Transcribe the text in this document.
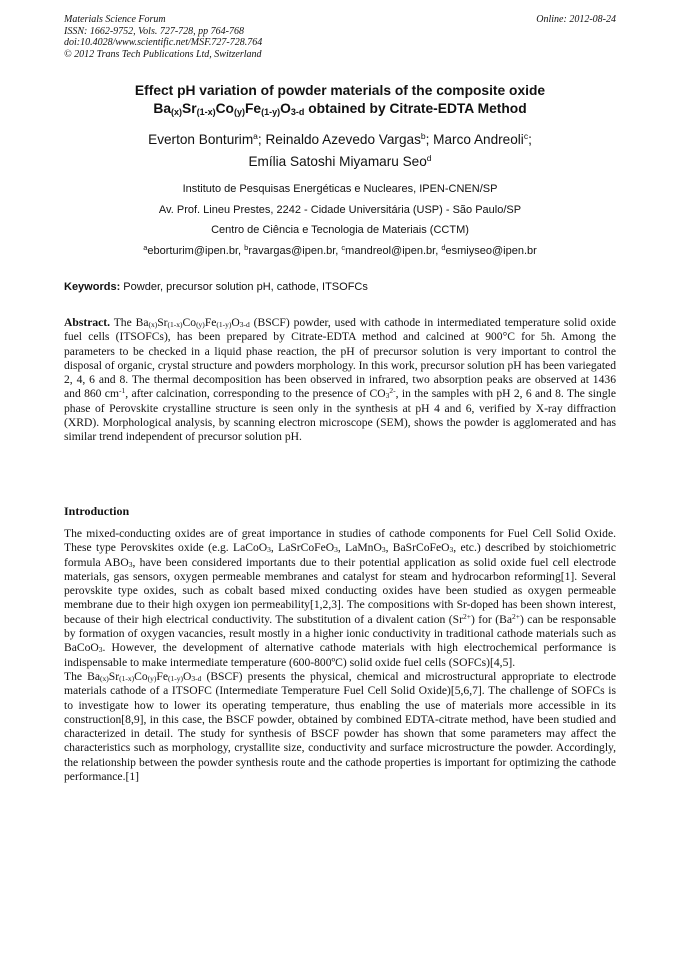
Materials Science Forum
ISSN: 1662-9752, Vols. 727-728, pp 764-768
doi:10.4028/www.scientific.net/MSF.727-728.764
© 2012 Trans Tech Publications Ltd, Switzerland
Online: 2012-08-24
Effect pH variation of powder materials of the composite oxide
$Ba_{(x)}Sr_{(1-x)}Co_{(y)}Fe_{(1-y)}O_{3-d}$ obtained by Citrate-EDTA Method
Everton Bonturim$^a$; Reinaldo Azevedo Vargas$^b$; Marco Andreoli$^c$;
Emília Satoshi Miyamaru Seo$^d$
Instituto de Pesquisas Energéticas e Nucleares, IPEN-CNEN/SP
Av. Prof. Lineu Prestes, 2242 - Cidade Universitária (USP) - São Paulo/SP
Centro de Ciência e Tecnologia de Materiais (CCTM)
$^a$eborturim@ipen.br, $^b$ravargas@ipen.br, $^c$mandreol@ipen.br, $^d$esmiyseo@ipen.br
Keywords: Powder, precursor solution pH, cathode, ITSOFCs
Abstract. The $Ba_{(x)}Sr_{(1-x)}Co_{(y)}Fe_{(1-y)}O_{3-d}$ (BSCF) powder, used with cathode in intermediated temperature solid oxide fuel cells (ITSOFCs), has been prepared by Citrate-EDTA method and calcined at 900°C for 5h. Among the parameters to be checked in a liquid phase reaction, the pH of precursor solution is very important to control the disposal of organic, crystal structure and powders morphology. In this work, precursor solution pH has been variegated 2, 4, 6 and 8. The thermal decomposition has been observed in infrared, two absorption peaks are observed at 1436 and 860 $cm^{-1}$, after calcination, corresponding to the presence of $CO_3^{2-}$, in the samples with pH 2, 6 and 8. The single phase of Perovskite crystalline structure is seen only in the synthesis at pH 4 and 6, verified by X-ray diffraction (XRD). Morphological analysis, by scanning electron microscope (SEM), shows the powder is agglomerated and has similar trend independent of precursor solution pH.
Introduction

The mixed-conducting oxides are of great importance in studies of cathode components for Fuel Cell Solid Oxide. These type Perovskites oxide (e.g. LaCoO$_3$, LaSrCoFeO$_3$, LaMnO$_3$, BaSrCoFeO$_3$, etc.) described by stoichiometric formula $ABO_3$, have been considered importants due to their potential application as solid oxide fuel cell electrode materials, gas sensors, oxygen permeable membranes and catalyst for steam and hydrocarbon reforming[1]. Several perovskite type oxides, such as cobalt based mixed conducting oxides have been studied as oxygen permeable membrane due to their high oxygen ion permeability[1,2,3]. The compositions with Sr-doped has been shown interest, because of their high electrical conductivity. The substitution of a divalent cation $(Sr^{2+})$ for $(Ba^{2+})$ can be responsable by formation of oxygen vacancies, result mostly in a higher ionic conductivity in traditional cathode materials such as BaCoO$_3$. However, the development of alternative cathode materials with high electrochemical performance is indispensable to make intermediate temperature (600-800ºC) solid oxide fuel cells (SOFCs)[4,5].

The $Ba_{(x)}Sr_{(1-x)}Co_{(y)}Fe_{(1-y)}O_{3-d}$ (BSCF) presents the physical, chemical and microstructural appropriate to electrode materials cathode of a ITSOFC (Intermediate Temperature Fuel Cell Solid Oxide)[5,6,7]. The challenge of SOFCs is to investigate how to lower its operating temperature, thus enabling the use of materials more accessible in its construction[8,9], in this case, the BSCF powder, obtained by combined EDTA-citrate method, have been studied and characterized in detail. The study for synthesis of BSCF powder has shown that some parameters may affect the characteristics such as morphology, crystallite size, conductivity and surface microstructure the powder. Accordingly, the relationship between the powder synthesis route and the cathode properties is important for optimizing the cathode performance.[1]
